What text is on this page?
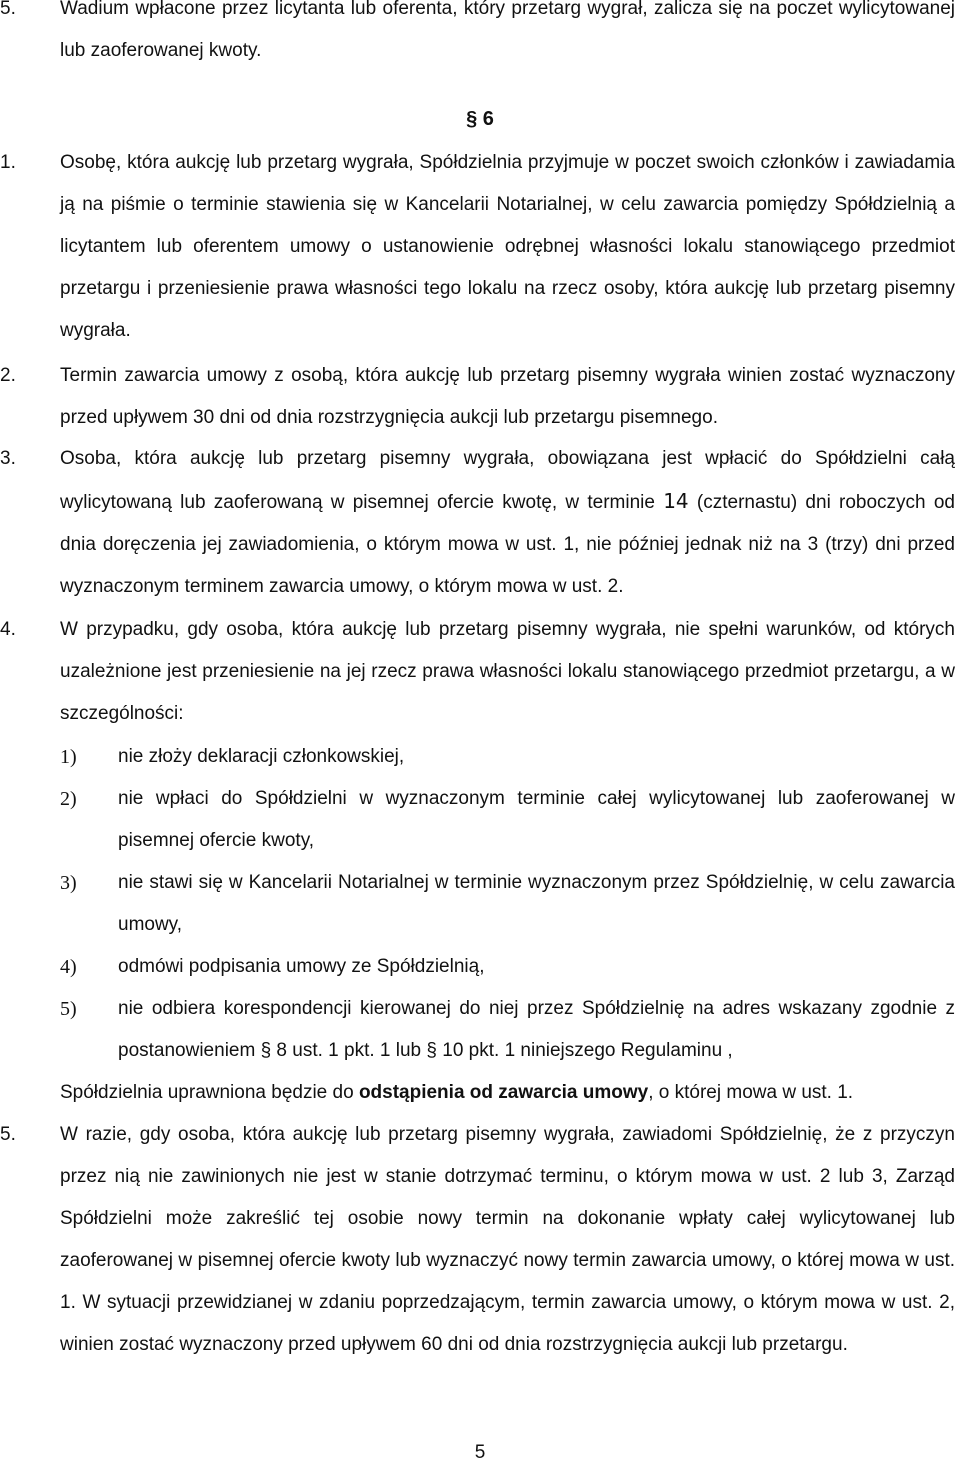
5.	Wadium wpłacone przez licytanta lub oferenta, który przetarg wygrał, zalicza się na poczet wylicytowanej lub zaoferowanej kwoty.
§ 6
1.	Osobę, która aukcję lub przetarg wygrała, Spółdzielnia przyjmuje w poczet swoich członków i zawiadamia ją na piśmie o terminie stawienia się w Kancelarii Notarialnej, w celu zawarcia pomiędzy Spółdzielnią a licytantem lub oferentem umowy o ustanowienie odrębnej własności lokalu stanowiącego przedmiot przetargu i przeniesienie prawa własności tego lokalu na rzecz osoby, która aukcję lub przetarg pisemny wygrała.
2.	Termin zawarcia umowy z osobą, która aukcję lub przetarg pisemny wygrała winien zostać wyznaczony przed upływem 30 dni od dnia rozstrzygnięcia aukcji lub przetargu pisemnego.
3.	Osoba, która aukcję lub przetarg pisemny wygrała, obowiązana jest wpłacić do Spółdzielni całą wylicytowaną lub zaoferowaną w pisemnej ofercie kwotę, w terminie 14 (czternastu) dni roboczych od dnia doręczenia jej zawiadomienia, o którym mowa w ust. 1, nie później jednak niż na 3 (trzy) dni przed wyznaczonym terminem zawarcia umowy, o którym mowa w ust. 2.
4.	W przypadku, gdy osoba, która aukcję lub przetarg pisemny wygrała, nie spełni warunków, od których uzależnione jest przeniesienie na jej rzecz prawa własności lokalu stanowiącego przedmiot przetargu, a w szczególności:
1)	nie złoży deklaracji członkowskiej,
2)	nie wpłaci do Spółdzielni w wyznaczonym terminie całej wylicytowanej lub zaoferowanej w pisemnej ofercie kwoty,
3)	nie stawi się w Kancelarii Notarialnej w terminie wyznaczonym przez Spółdzielnię, w celu zawarcia umowy,
4)	odmówi podpisania umowy ze Spółdzielnią,
5)	nie odbiera korespondencji kierowanej do niej przez Spółdzielnię na adres wskazany zgodnie z postanowieniem § 8 ust. 1 pkt. 1 lub § 10 pkt. 1 niniejszego Regulaminu ,
Spółdzielnia uprawniona będzie do odstąpienia od zawarcia umowy, o której mowa w ust. 1.
5.	W razie, gdy osoba, która aukcję lub przetarg pisemny wygrała, zawiadomi Spółdzielnię, że z przyczyn przez nią nie zawinionych nie jest w stanie dotrzymać terminu, o którym mowa w ust. 2 lub 3, Zarząd Spółdzielni może zakreślić tej osobie nowy termin na dokonanie wpłaty całej wylicytowanej lub zaoferowanej w pisemnej ofercie kwoty lub wyznaczyć nowy termin zawarcia umowy, o której mowa w ust. 1. W sytuacji przewidzianej w zdaniu poprzedzającym, termin zawarcia umowy, o którym mowa w ust. 2, winien zostać wyznaczony przed upływem 60 dni od dnia rozstrzygnięcia aukcji lub przetargu.
5
